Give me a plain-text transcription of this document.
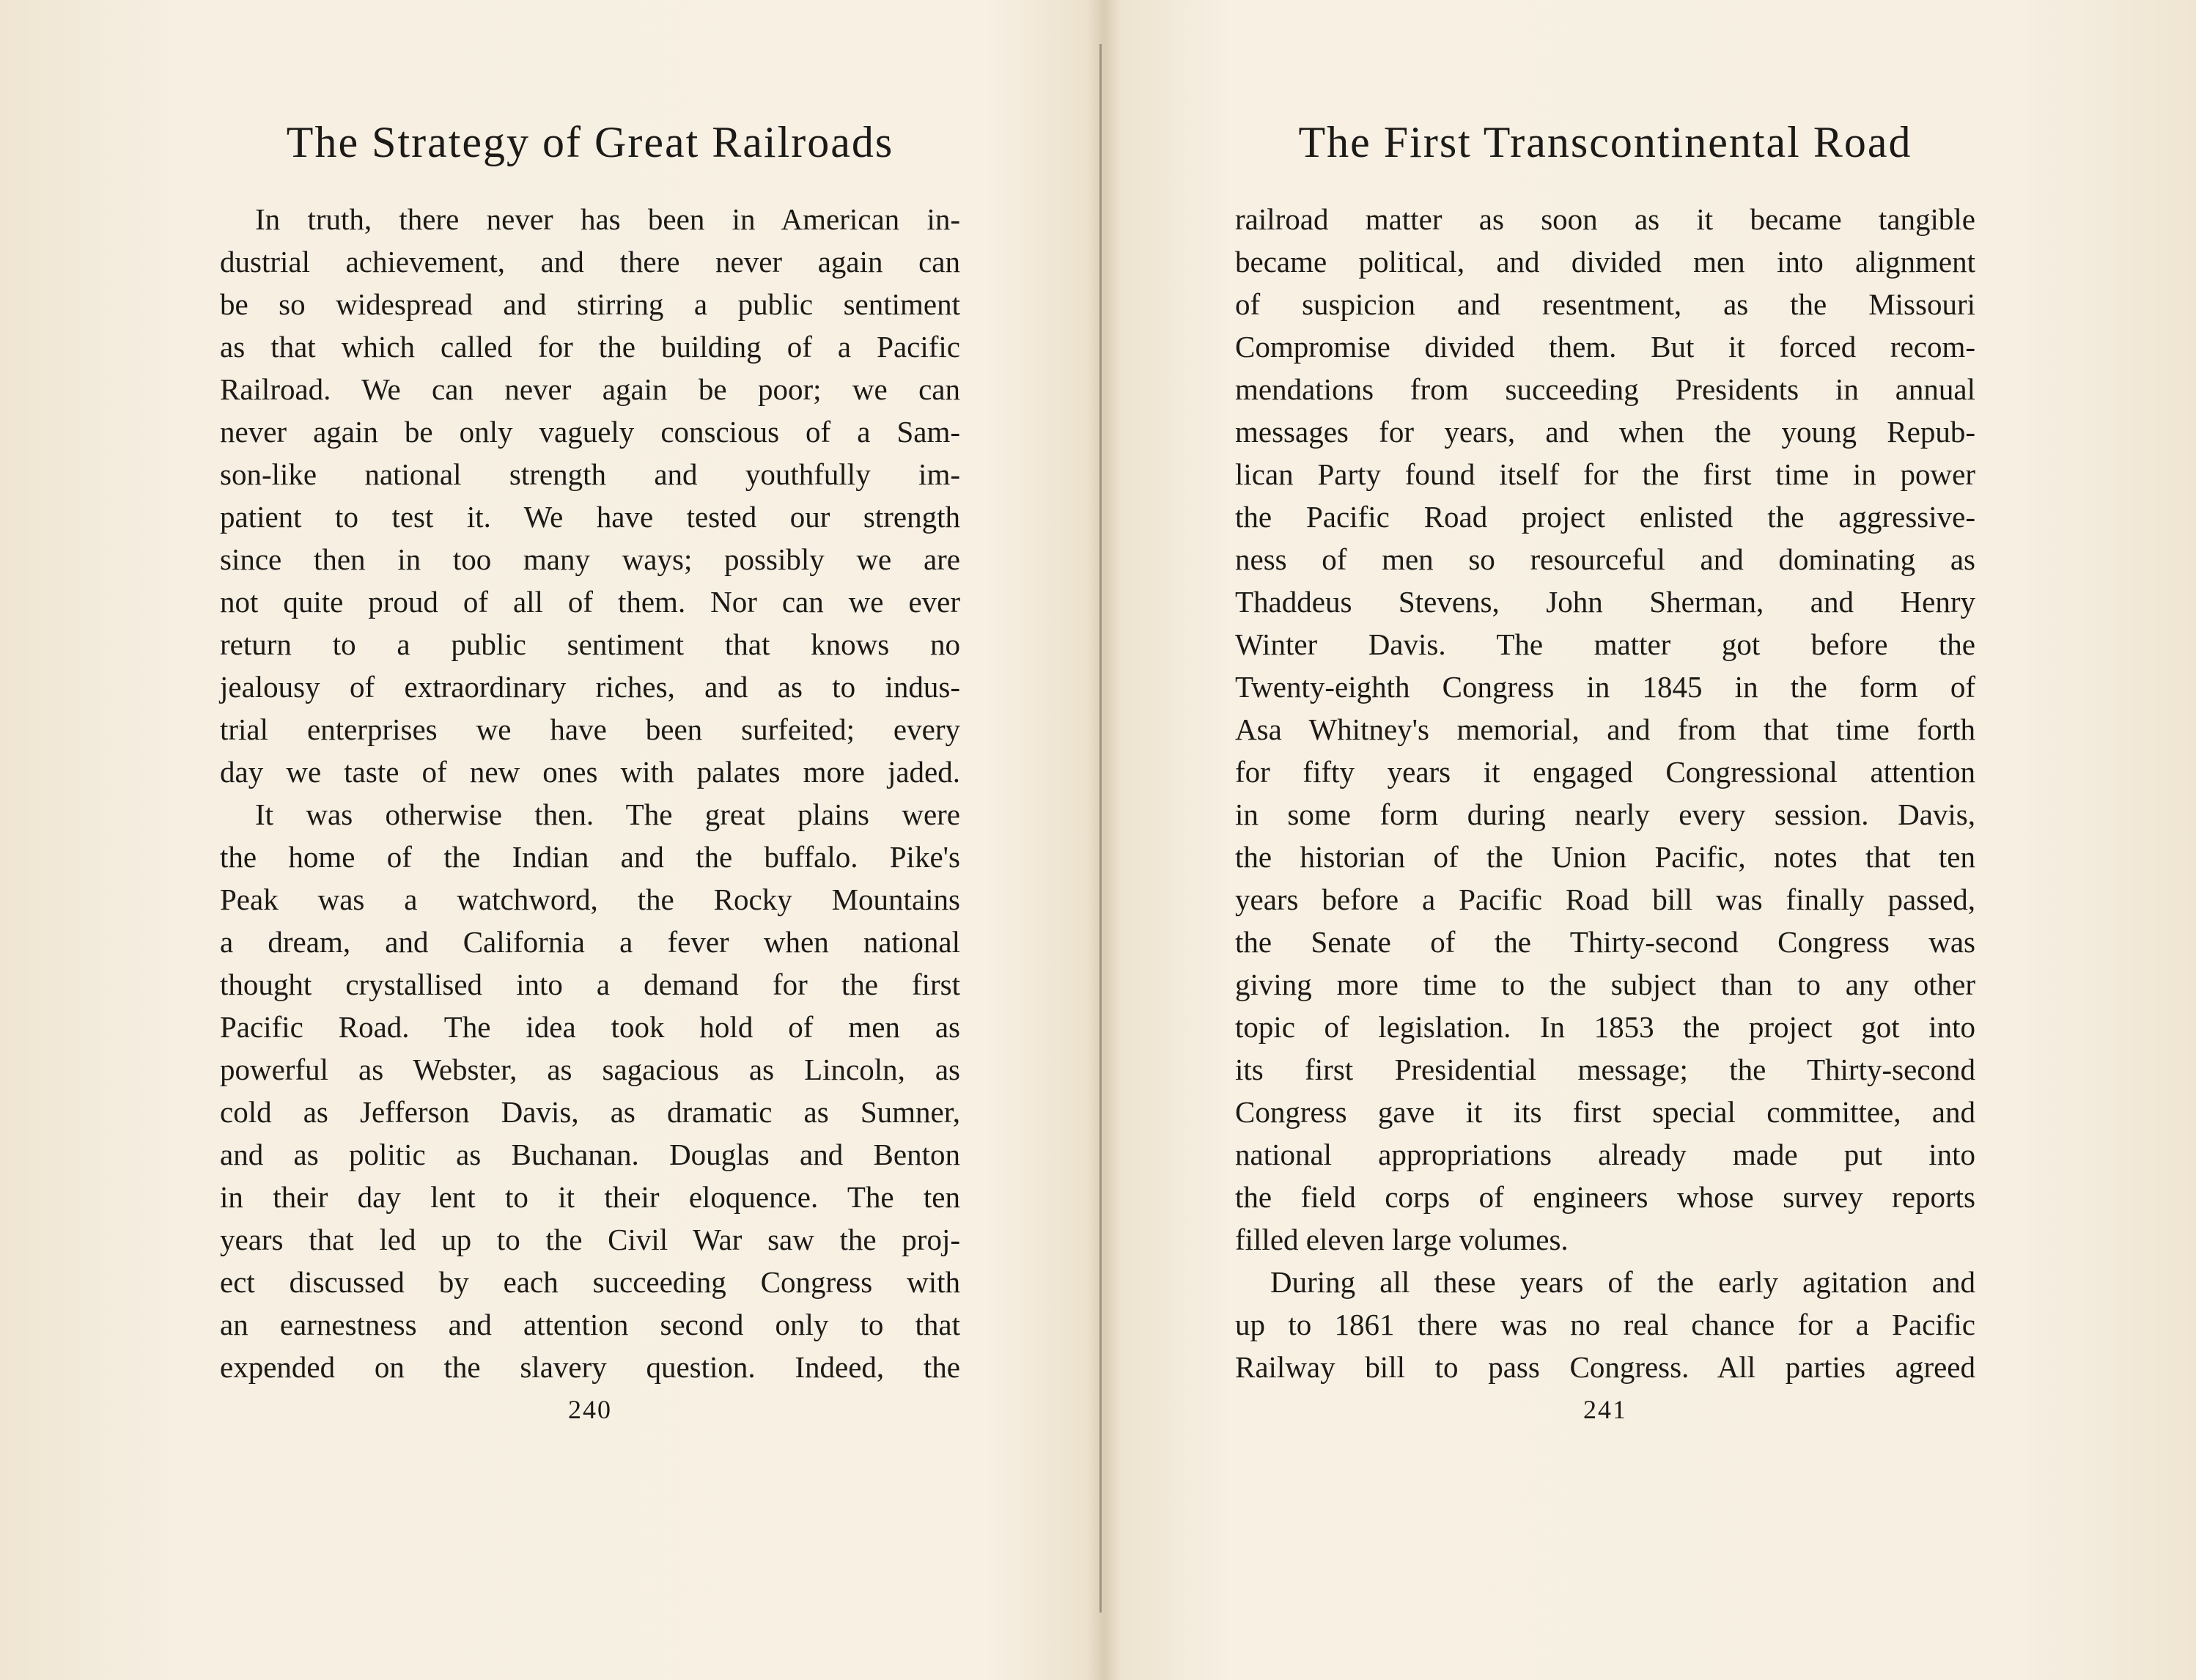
The Strategy of Great Railroads
In truth, there never has been in American in-
dustrial achievement, and there never again can
be so widespread and stirring a public sentiment
as that which called for the building of a Pacific
Railroad. We can never again be poor; we can
never again be only vaguely conscious of a Sam-
son-like national strength and youthfully im-
patient to test it. We have tested our strength
since then in too many ways; possibly we are
not quite proud of all of them. Nor can we ever
return to a public sentiment that knows no
jealousy of extraordinary riches, and as to indus-
trial enterprises we have been surfeited; every
day we taste of new ones with palates more jaded.
It was otherwise then. The great plains were
the home of the Indian and the buffalo. Pike's
Peak was a watchword, the Rocky Mountains
a dream, and California a fever when national
thought crystallised into a demand for the first
Pacific Road. The idea took hold of men as
powerful as Webster, as sagacious as Lincoln, as
cold as Jefferson Davis, as dramatic as Sumner,
and as politic as Buchanan. Douglas and Benton
in their day lent to it their eloquence. The ten
years that led up to the Civil War saw the proj-
ect discussed by each succeeding Congress with
an earnestness and attention second only to that
expended on the slavery question. Indeed, the
240
The First Transcontinental Road
railroad matter as soon as it became tangible
became political, and divided men into alignment
of suspicion and resentment, as the Missouri
Compromise divided them. But it forced recom-
mendations from succeeding Presidents in annual
messages for years, and when the young Repub-
lican Party found itself for the first time in power
the Pacific Road project enlisted the aggressive-
ness of men so resourceful and dominating as
Thaddeus Stevens, John Sherman, and Henry
Winter Davis. The matter got before the
Twenty-eighth Congress in 1845 in the form of
Asa Whitney's memorial, and from that time forth
for fifty years it engaged Congressional attention
in some form during nearly every session. Davis,
the historian of the Union Pacific, notes that ten
years before a Pacific Road bill was finally passed,
the Senate of the Thirty-second Congress was
giving more time to the subject than to any other
topic of legislation. In 1853 the project got into
its first Presidential message; the Thirty-second
Congress gave it its first special committee, and
national appropriations already made put into
the field corps of engineers whose survey reports
filled eleven large volumes.
During all these years of the early agitation and
up to 1861 there was no real chance for a Pacific
Railway bill to pass Congress. All parties agreed
241
